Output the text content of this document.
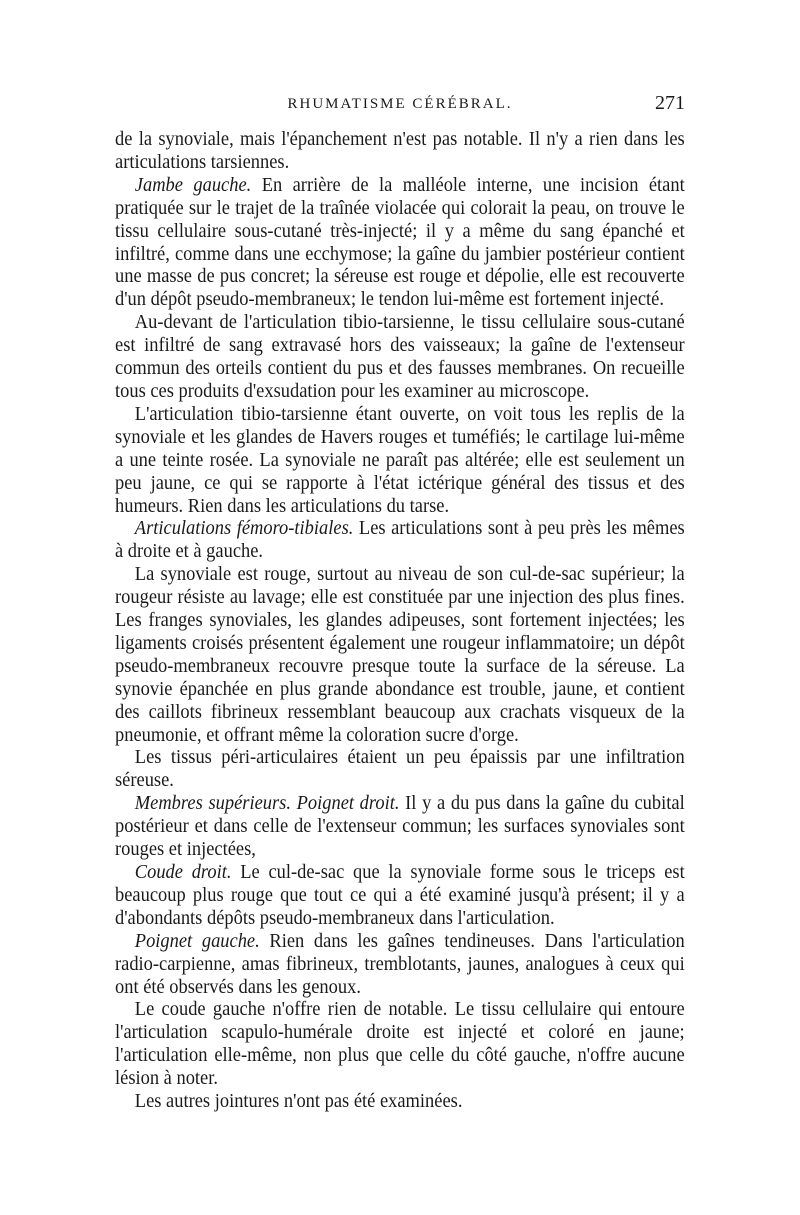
RHUMATISME CÉRÉBRAL.	271

de la synoviale, mais l'épanchement n'est pas notable. Il n'y a rien dans les articulations tarsiennes.

Jambe gauche. En arrière de la malléole interne, une incision étant pratiquée sur le trajet de la traînée violacée qui colorait la peau, on trouve le tissu cellulaire sous-cutané très-injecté; il y a même du sang épanché et infiltré, comme dans une ecchymose; la gaîne du jambier postérieur contient une masse de pus concret; la séreuse est rouge et dépolie, elle est recouverte d'un dépôt pseudo-membraneux; le tendon lui-même est fortement injecté.

Au-devant de l'articulation tibio-tarsienne, le tissu cellulaire sous-cutané est infiltré de sang extravasé hors des vaisseaux; la gaîne de l'extenseur commun des orteils contient du pus et des fausses membranes. On recueille tous ces produits d'exsudation pour les examiner au microscope.

L'articulation tibio-tarsienne étant ouverte, on voit tous les replis de la synoviale et les glandes de Havers rouges et tuméfiés; le cartilage lui-même a une teinte rosée. La synoviale ne paraît pas altérée; elle est seulement un peu jaune, ce qui se rapporte à l'état ictérique général des tissus et des humeurs. Rien dans les articulations du tarse.

Articulations fémoro-tibiales. Les articulations sont à peu près les mêmes à droite et à gauche.

La synoviale est rouge, surtout au niveau de son cul-de-sac supérieur; la rougeur résiste au lavage; elle est constituée par une injection des plus fines. Les franges synoviales, les glandes adipeuses, sont fortement injectées; les ligaments croisés présentent également une rougeur inflammatoire; un dépôt pseudo-membraneux recouvre presque toute la surface de la séreuse. La synovie épanchée en plus grande abondance est trouble, jaune, et contient des caillots fibrineux ressemblant beaucoup aux crachats visqueux de la pneumonie, et offrant même la coloration sucre d'orge.

Les tissus péri-articulaires étaient un peu épaissis par une infiltration séreuse.

Membres supérieurs. Poignet droit. Il y a du pus dans la gaîne du cubital postérieur et dans celle de l'extenseur commun; les surfaces synoviales sont rouges et injectées,

Coude droit. Le cul-de-sac que la synoviale forme sous le triceps est beaucoup plus rouge que tout ce qui a été examiné jusqu'à présent; il y a d'abondants dépôts pseudo-membraneux dans l'articulation.

Poignet gauche. Rien dans les gaînes tendineuses. Dans l'articulation radio-carpienne, amas fibrineux, tremblotants, jaunes, analogues à ceux qui ont été observés dans les genoux.

Le coude gauche n'offre rien de notable. Le tissu cellulaire qui entoure l'articulation scapulo-humérale droite est injecté et coloré en jaune; l'articulation elle-même, non plus que celle du côté gauche, n'offre aucune lésion à noter.

Les autres jointures n'ont pas été examinées.
